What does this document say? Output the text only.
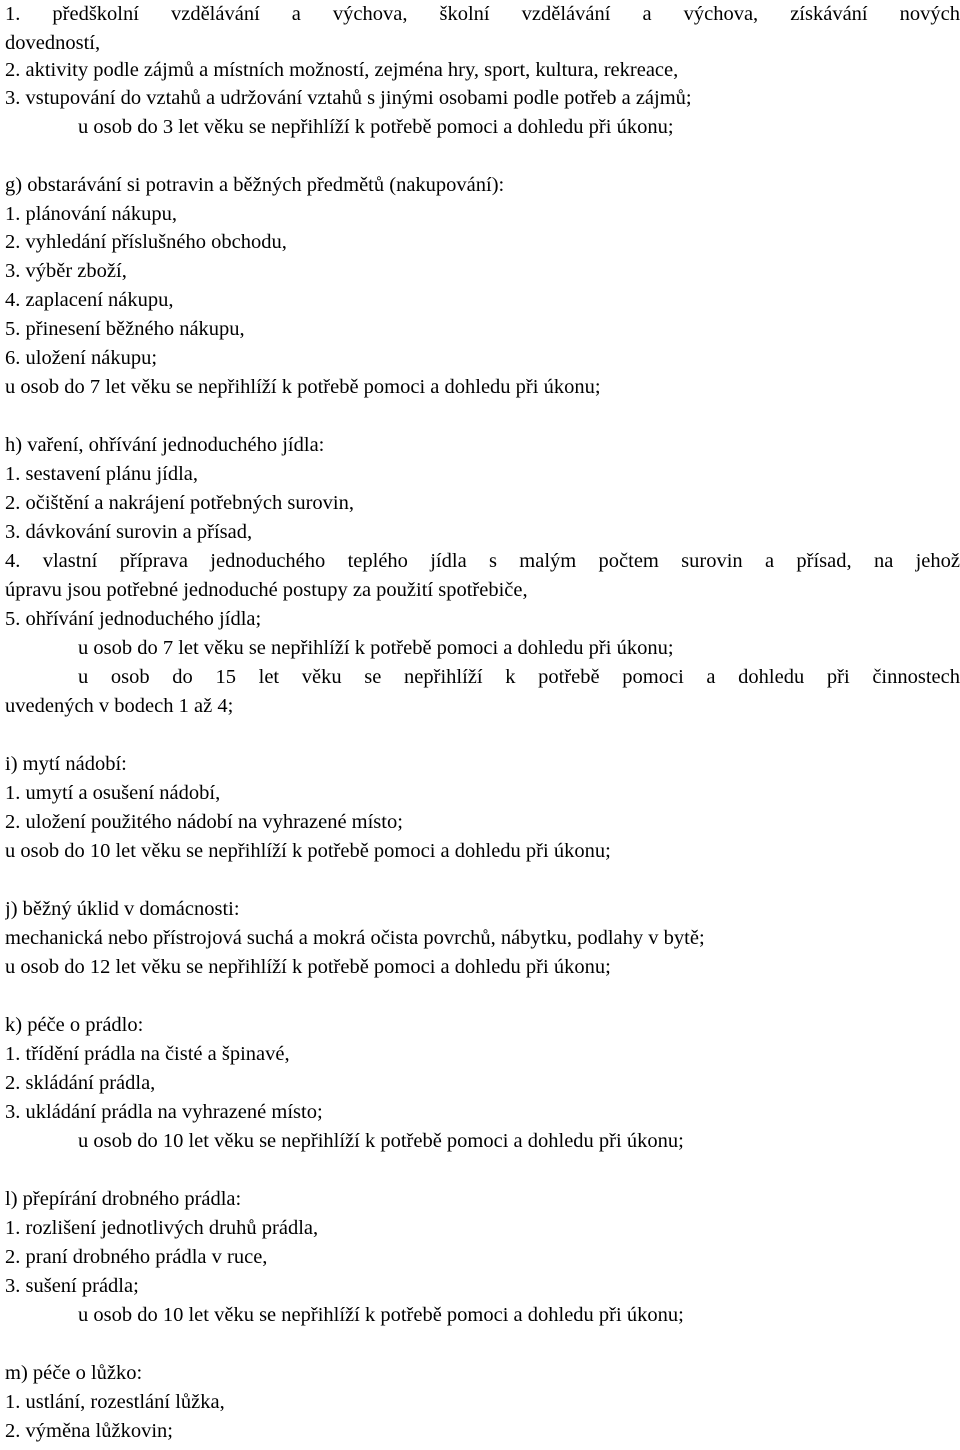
1. předškolní vzdělávání a výchova, školní vzdělávání a výchova, získávání nových
dovedností,
2. aktivity podle zájmů a místních možností, zejména hry, sport, kultura, rekreace,
3. vstupování do vztahů a udržování vztahů s jinými osobami podle potřeb a zájmů;
u osob do 3 let věku se nepřihlíží k potřebě pomoci a dohledu při úkonu;
g) obstarávání si potravin a běžných předmětů (nakupování):
1. plánování nákupu,
2. vyhledání příslušného obchodu,
3. výběr zboží,
4. zaplacení nákupu,
5. přinesení běžného nákupu,
6. uložení nákupu;
u osob do 7 let věku se nepřihlíží k potřebě pomoci a dohledu při úkonu;
h) vaření, ohřívání jednoduchého jídla:
1. sestavení plánu jídla,
2. očištění a nakrájení potřebných surovin,
3. dávkování surovin a přísad,
4. vlastní příprava jednoduchého teplého jídla s malým počtem surovin a přísad, na jehož
úpravu jsou potřebné jednoduché postupy za použití spotřebiče,
5. ohřívání jednoduchého jídla;
u osob do 7 let věku se nepřihlíží k potřebě pomoci a dohledu při úkonu;
u osob do 15 let věku se nepřihlíží k potřebě pomoci a dohledu při činnostech
uvedených v bodech 1 až 4;
i) mytí nádobí:
1. umytí a osušení nádobí,
2. uložení použitého nádobí na vyhrazené místo;
u osob do 10 let věku se nepřihlíží k potřebě pomoci a dohledu při úkonu;
j) běžný úklid v domácnosti:
mechanická nebo přístrojová suchá a mokrá očista povrchů, nábytku, podlahy v bytě;
u osob do 12 let věku se nepřihlíží k potřebě pomoci a dohledu při úkonu;
k) péče o prádlo:
1. třídění prádla na čisté a špinavé,
2. skládání prádla,
3. ukládání prádla na vyhrazené místo;
u osob do 10 let věku se nepřihlíží k potřebě pomoci a dohledu při úkonu;
l) přepírání drobného prádla:
1. rozlišení jednotlivých druhů prádla,
2. praní drobného prádla v ruce,
3. sušení prádla;
u osob do 10 let věku se nepřihlíží k potřebě pomoci a dohledu při úkonu;
m) péče o lůžko:
1. ustlání, rozestlání lůžka,
2. výměna lůžkovin;
